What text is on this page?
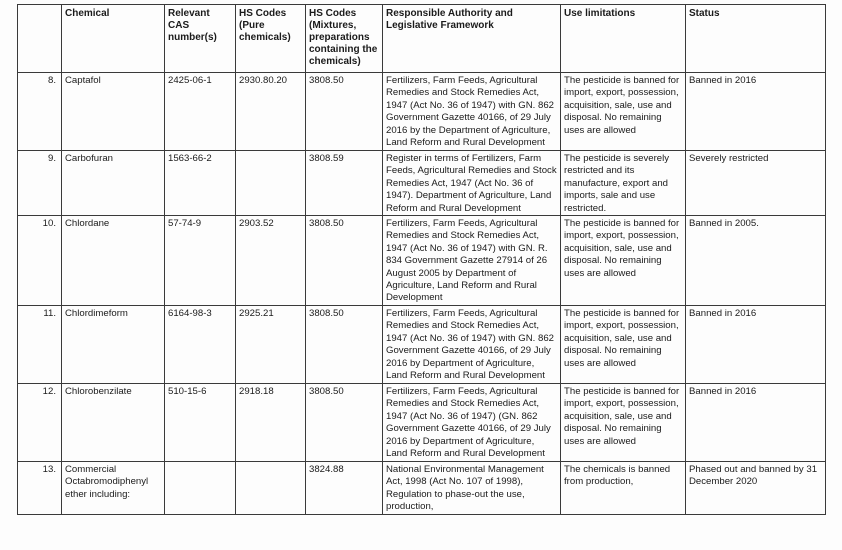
	Chemical	Relevant CAS number(s)	HS Codes (Pure chemicals)	HS Codes (Mixtures, preparations containing the chemicals)	Responsible Authority and Legislative Framework	Use limitations	Status
8.	Captafol	2425-06-1	2930.80.20	3808.50	Fertilizers, Farm Feeds, Agricultural Remedies and Stock Remedies Act, 1947 (Act No. 36 of 1947) with GN. 862 Government Gazette 40166, of 29 July 2016 by the Department of Agriculture, Land Reform and Rural Development	The pesticide is banned for import, export, possession, acquisition, sale, use and disposal. No remaining uses are allowed	Banned in 2016
9.	Carbofuran	1563-66-2		3808.59	Register in terms of Fertilizers, Farm Feeds, Agricultural Remedies and Stock Remedies Act, 1947 (Act No. 36 of 1947). Department of Agriculture, Land Reform and Rural Development	The pesticide is severely restricted and its manufacture, export and imports, sale and use restricted.	Severely restricted
10.	Chlordane	57-74-9	2903.52	3808.50	Fertilizers, Farm Feeds, Agricultural Remedies and Stock Remedies Act, 1947 (Act No. 36 of 1947) with GN. R. 834 Government Gazette 27914 of 26 August 2005 by Department of Agriculture, Land Reform and Rural Development	The pesticide is banned for import, export, possession, acquisition, sale, use and disposal. No remaining uses are allowed	Banned in 2005.
11.	Chlordimeform	6164-98-3	2925.21	3808.50	Fertilizers, Farm Feeds, Agricultural Remedies and Stock Remedies Act, 1947 (Act No. 36 of 1947) with GN. 862 Government Gazette 40166, of 29 July 2016 by Department of Agriculture, Land Reform and Rural Development	The pesticide is banned for import, export, possession, acquisition, sale, use and disposal. No remaining uses are allowed	Banned in 2016
12.	Chlorobenzilate	510-15-6	2918.18	3808.50	Fertilizers, Farm Feeds, Agricultural Remedies and Stock Remedies Act, 1947 (Act No. 36 of 1947) (GN. 862 Government Gazette 40166, of 29 July 2016 by Department of Agriculture, Land Reform and Rural Development	The pesticide is banned for import, export, possession, acquisition, sale, use and disposal. No remaining uses are allowed	Banned in 2016
13.	Commercial Octabromodiphenyl ether including:			3824.88	National Environmental Management Act, 1998 (Act No. 107 of 1998), Regulation to phase-out the use, production,	The chemicals is banned from production,	Phased out and banned by 31 December 2020
